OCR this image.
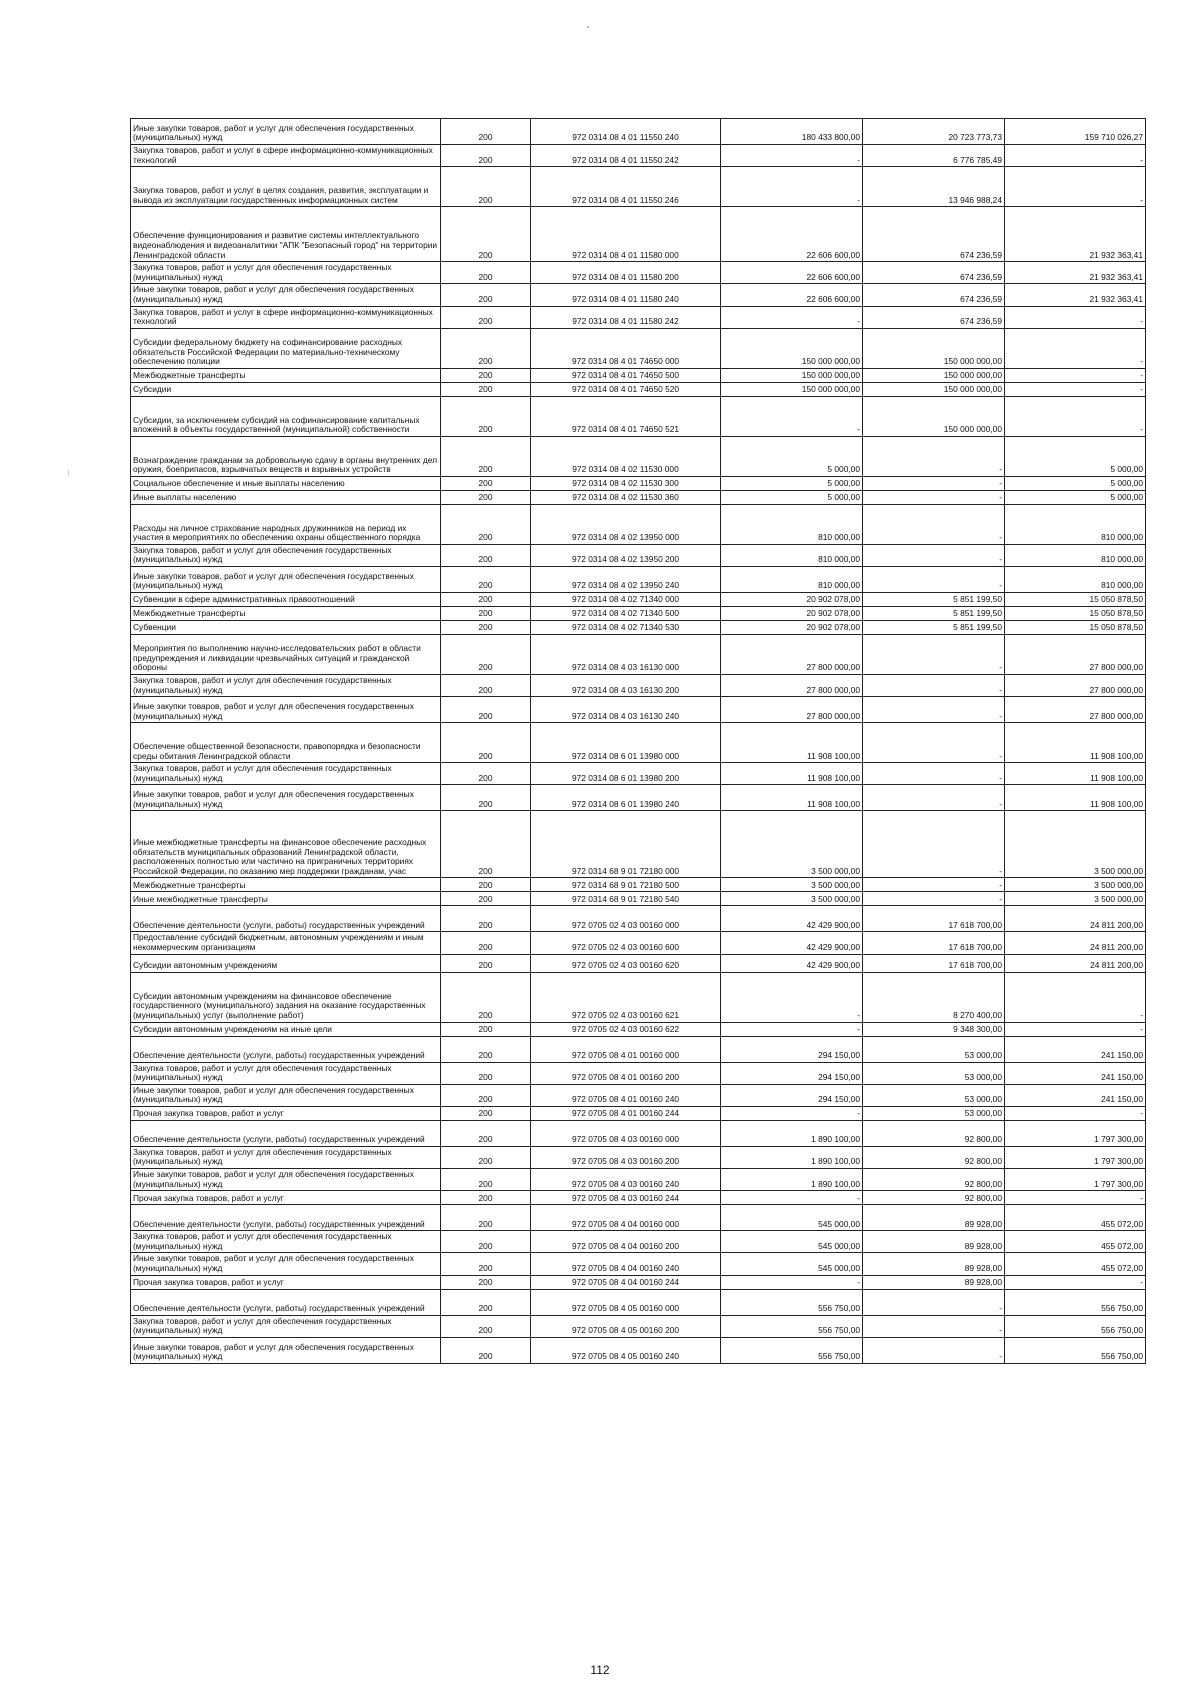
Иные закупки товаров, работ и услуг для обеспечения государственных (муниципальных) нужд	200	972 0314 08 4 01 11550 240	180 433 800,00	20 723 773,73	159 710 026,27

Закупка товаров, работ и услуг в сфере информационно-коммуникационных технологий	200	972 0314 08 4 01 11550 242	-	6 776 785,49	-

Закупка товаров, работ и услуг в целях создания, развития, эксплуатации и вывода из эксплуатации государственных информационных систем	200	972 0314 08 4 01 11550 246	-	13 946 988,24	-

Обеспечение функционирования и развитие системы интеллектуального видеонаблюдения и видеоаналитики "АПК "Безопасный город" на территории Ленинградской области	200	972 0314 08 4 01 11580 000	22 606 600,00	674 236,59	21 932 363,41

Закупка товаров, работ и услуг для обеспечения государственных (муниципальных) нужд	200	972 0314 08 4 01 11580 200	22 606 600,00	674 236,59	21 932 363,41

Иные закупки товаров, работ и услуг для обеспечения государственных (муниципальных) нужд	200	972 0314 08 4 01 11580 240	22 606 600,00	674 236,59	21 932 363,41

Закупка товаров, работ и услуг в сфере информационно-коммуникационных технологий	200	972 0314 08 4 01 11580 242	-	674 236,59	-

Субсидии федеральному бюджету на софинансирование расходных обязательств Российской Федерации по материально-техническому обеспечению полиции	200	972 0314 08 4 01 74650 000	150 000 000,00	150 000 000,00	-

Межбюджетные трансферты	200	972 0314 08 4 01 74650 500	150 000 000,00	150 000 000,00	-

Субсидии	200	972 0314 08 4 01 74650 520	150 000 000,00	150 000 000,00	-

Субсидии, за исключением субсидий на софинансирование капитальных вложений в объекты государственной (муниципальной) собственности	200	972 0314 08 4 01 74650 521	-	150 000 000,00	-

Вознаграждение гражданам за добровольную сдачу в органы внутренних дел оружия, боеприпасов, взрывчатых веществ и взрывных устройств	200	972 0314 08 4 02 11530 000	5 000,00	-	5 000,00

Социальное обеспечение и иные выплаты населению	200	972 0314 08 4 02 11530 300	5 000,00	-	5 000,00

Иные выплаты населению	200	972 0314 08 4 02 11530 360	5 000,00	-	5 000,00

Расходы на личное страхование народных дружинников на период их участия в мероприятиях по обеспечению охраны общественного порядка	200	972 0314 08 4 02 13950 000	810 000,00	-	810 000,00

Закупка товаров, работ и услуг для обеспечения государственных (муниципальных) нужд	200	972 0314 08 4 02 13950 200	810 000,00	-	810 000,00

Иные закупки товаров, работ и услуг для обеспечения государственных (муниципальных) нужд	200	972 0314 08 4 02 13950 240	810 000,00	-	810 000,00

Субвенции в сфере административных правоотношений	200	972 0314 08 4 02 71340 000	20 902 078,00	5 851 199,50	15 050 878,50

Межбюджетные трансферты	200	972 0314 08 4 02 71340 500	20 902 078,00	5 851 199,50	15 050 878,50

Субвенции	200	972 0314 08 4 02 71340 530	20 902 078,00	5 851 199,50	15 050 878,50

Мероприятия по выполнению научно-исследовательских работ в области предупреждения и ликвидации чрезвычайных ситуаций и гражданской обороны	200	972 0314 08 4 03 16130 000	27 800 000,00	-	27 800 000,00

Закупка товаров, работ и услуг для обеспечения государственных (муниципальных) нужд	200	972 0314 08 4 03 16130 200	27 800 000,00	-	27 800 000,00

Иные закупки товаров, работ и услуг для обеспечения государственных (муниципальных) нужд	200	972 0314 08 4 03 16130 240	27 800 000,00	-	27 800 000,00

Обеспечение общественной безопасности, правопорядка и безопасности среды обитания Ленинградской области	200	972 0314 08 6 01 13980 000	11 908 100,00	-	11 908 100,00

Закупка товаров, работ и услуг для обеспечения государственных (муниципальных) нужд	200	972 0314 08 6 01 13980 200	11 908 100,00	-	11 908 100,00

Иные закупки товаров, работ и услуг для обеспечения государственных (муниципальных) нужд	200	972 0314 08 6 01 13980 240	11 908 100,00	-	11 908 100,00

Иные межбюджетные трансферты на финансовое обеспечение расходных обязательств муниципальных образований Ленинградской области, расположенных полностью или частично на приграничных территориях Российской Федерации, по оказанию мер поддержки гражданам, учас	200	972 0314 68 9 01 72180 000	3 500 000,00	-	3 500 000,00

Межбюджетные трансферты	200	972 0314 68 9 01 72180 500	3 500 000,00	-	3 500 000,00

Иные межбюджетные трансферты	200	972 0314 68 9 01 72180 540	3 500 000,00	-	3 500 000,00

Обеспечение деятельности (услуги, работы) государственных учреждений	200	972 0705 02 4 03 00160 000	42 429 900,00	17 618 700,00	24 811 200,00

Предоставление субсидий бюджетным, автономным учреждениям и иным некоммерческим организациям	200	972 0705 02 4 03 00160 600	42 429 900,00	17 618 700,00	24 811 200,00

Субсидии автономным учреждениям	200	972 0705 02 4 03 00160 620	42 429 900,00	17 618 700,00	24 811 200,00

Субсидии автономным учреждениям на финансовое обеспечение государственного (муниципального) задания на оказание государственных (муниципальных) услуг (выполнение работ)	200	972 0705 02 4 03 00160 621	-	8 270 400,00	-

Субсидии автономным учреждениям на иные цели	200	972 0705 02 4 03 00160 622	-	9 348 300,00	-

Обеспечение деятельности (услуги, работы) государственных учреждений	200	972 0705 08 4 01 00160 000	294 150,00	53 000,00	241 150,00

Закупка товаров, работ и услуг для обеспечения государственных (муниципальных) нужд	200	972 0705 08 4 01 00160 200	294 150,00	53 000,00	241 150,00

Иные закупки товаров, работ и услуг для обеспечения государственных (муниципальных) нужд	200	972 0705 08 4 01 00160 240	294 150,00	53 000,00	241 150,00

Прочая закупка товаров, работ и услуг	200	972 0705 08 4 01 00160 244	-	53 000,00	-

Обеспечение деятельности (услуги, работы) государственных учреждений	200	972 0705 08 4 03 00160 000	1 890 100,00	92 800,00	1 797 300,00

Закупка товаров, работ и услуг для обеспечения государственных (муниципальных) нужд	200	972 0705 08 4 03 00160 200	1 890 100,00	92 800,00	1 797 300,00

Иные закупки товаров, работ и услуг для обеспечения государственных (муниципальных) нужд	200	972 0705 08 4 03 00160 240	1 890 100,00	92 800,00	1 797 300,00

Прочая закупка товаров, работ и услуг	200	972 0705 08 4 03 00160 244	-	92 800,00	-

Обеспечение деятельности (услуги, работы) государственных учреждений	200	972 0705 08 4 04 00160 000	545 000,00	89 928,00	455 072,00

Закупка товаров, работ и услуг для обеспечения государственных (муниципальных) нужд	200	972 0705 08 4 04 00160 200	545 000,00	89 928,00	455 072,00

Иные закупки товаров, работ и услуг для обеспечения государственных (муниципальных) нужд	200	972 0705 08 4 04 00160 240	545 000,00	89 928,00	455 072,00

Прочая закупка товаров, работ и услуг	200	972 0705 08 4 04 00160 244	-	89 928,00	-

Обеспечение деятельности (услуги, работы) государственных учреждений	200	972 0705 08 4 05 00160 000	556 750,00	-	556 750,00

Закупка товаров, работ и услуг для обеспечения государственных (муниципальных) нужд	200	972 0705 08 4 05 00160 200	556 750,00	-	556 750,00

Иные закупки товаров, работ и услуг для обеспечения государственных (муниципальных) нужд	200	972 0705 08 4 05 00160 240	556 750,00	-	556 750,00
112
